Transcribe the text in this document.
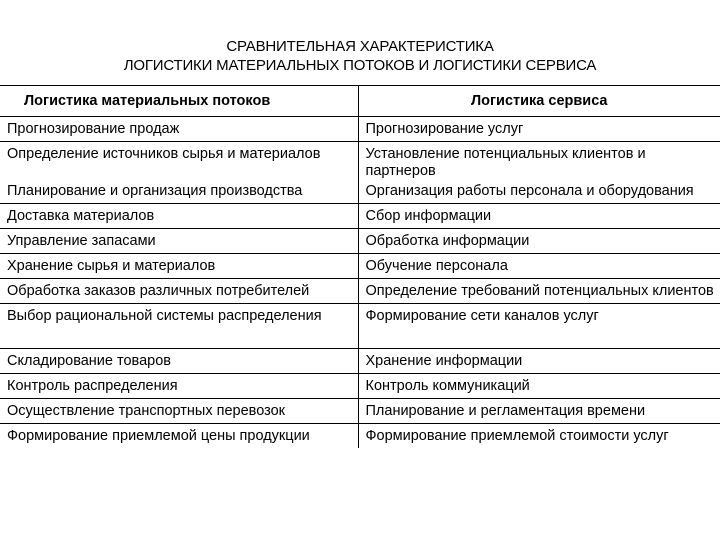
СРАВНИТЕЛЬНАЯ ХАРАКТЕРИСТИКА
ЛОГИСТИКИ МАТЕРИАЛЬНЫХ ПОТОКОВ И ЛОГИСТИКИ СЕРВИСА
Логистика материальных потоков	Логистика сервиса
Прогнозирование продаж	Прогнозирование услуг
Определение источников сырья и материалов	Установление потенциальных клиентов и партнеров
Планирование и организация производства	Организация работы персонала и оборудования
Доставка материалов	Сбор информации
Управление запасами	Обработка информации
Хранение сырья и материалов	Обучение персонала
Обработка заказов различных потребителей	Определение требований потенциальных клиентов
Выбор рациональной системы распределения	Формирование сети каналов услуг
Складирование товаров	Хранение информации
Контроль распределения	Контроль коммуникаций
Осуществление транспортных перевозок	Планирование и регламентация времени
Формирование приемлемой цены продукции	Формирование приемлемой стоимости услуг
